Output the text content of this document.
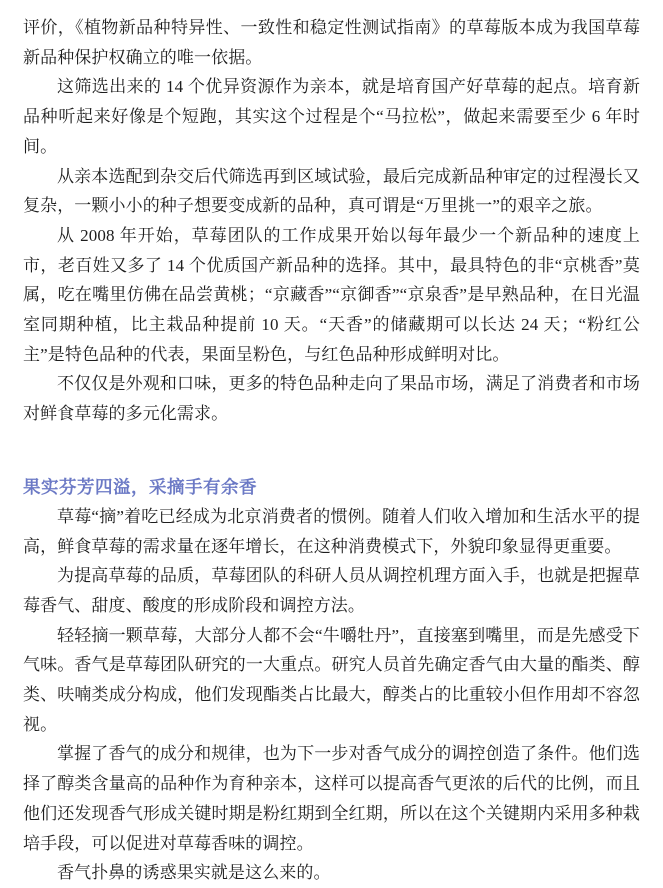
评价，《植物新品种特异性、一致性和稳定性测试指南》的草莓版本成为我国草莓新品种保护权确立的唯一依据。

这筛选出来的 14 个优异资源作为亲本，就是培育国产好草莓的起点。培育新品种听起来好像是个短跑，其实这个过程是个“马拉松”，做起来需要至少 6 年时间。

从亲本选配到杂交后代筛选再到区域试验，最后完成新品种审定的过程漫长又复杂，一颗小小的种子想要变成新的品种，真可谓是“万里挑一”的艰辛之旅。

从 2008 年开始，草莓团队的工作成果开始以每年最少一个新品种的速度上市，老百姓又多了 14 个优质国产新品种的选择。其中，最具特色的非“京桃香”莫属，吃在嘴里仿佛在品尝黄桃；“京藏香”“京御香”“京泉香”是早熟品种，在日光温室同期种植，比主栽品种提前 10 天。“天香”的储藏期可以长达 24 天；“粉红公主”是特色品种的代表，果面呈粉色，与红色品种形成鲜明对比。

不仅仅是外观和口味，更多的特色品种走向了果品市场，满足了消费者和市场对鲜食草莓的多元化需求。

果实芬芳四溢，采摘手有余香

草莓“摘”着吃已经成为北京消费者的惯例。随着人们收入增加和生活水平的提高，鲜食草莓的需求量在逐年增长，在这种消费模式下，外貌印象显得更重要。

为提高草莓的品质，草莓团队的科研人员从调控机理方面入手，也就是把握草莓香气、甜度、酸度的形成阶段和调控方法。

轻轻摘一颗草莓，大部分人都不会“牛嚼牡丹”，直接塞到嘴里，而是先感受下气味。香气是草莓团队研究的一大重点。研究人员首先确定香气由大量的酯类、醇类、呋喃类成分构成，他们发现酯类占比最大，醇类占的比重较小但作用却不容忽视。

掌握了香气的成分和规律，也为下一步对香气成分的调控创造了条件。他们选择了醇类含量高的品种作为育种亲本，这样可以提高香气更浓的后代的比例，而且他们还发现香气形成关键时期是粉红期到全红期，所以在这个关键期内采用多种栽培手段，可以促进对草莓香味的调控。

香气扑鼻的诱惑果实就是这么来的。
